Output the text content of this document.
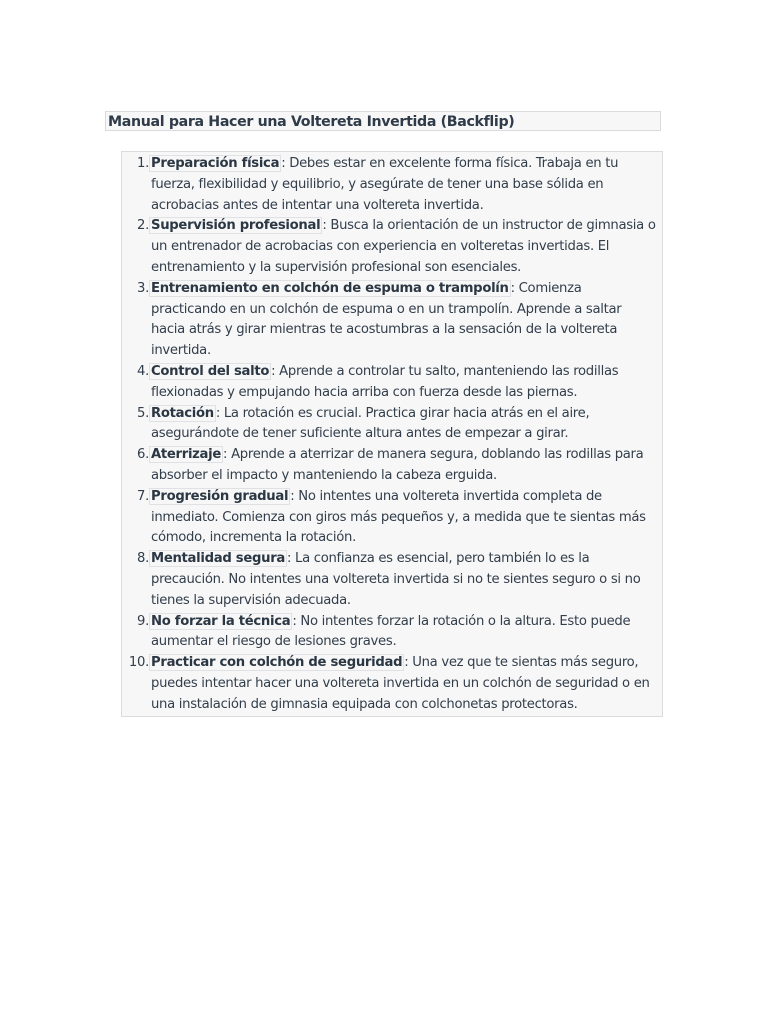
Manual para Hacer una Voltereta Invertida (Backflip)
1. Preparación física : Debes estar en excelente forma física. Trabaja en tu fuerza, flexibilidad y equilibrio, y asegúrate de tener una base sólida en acrobacias antes de intentar una voltereta invertida.
2. Supervisión profesional : Busca la orientación de un instructor de gimnasia o un entrenador de acrobacias con experiencia en volteretas invertidas. El entrenamiento y la supervisión profesional son esenciales.
3. Entrenamiento en colchón de espuma o trampolín : Comienza practicando en un colchón de espuma o en un trampolín. Aprende a saltar hacia atrás y girar mientras te acostumbras a la sensación de la voltereta invertida.
4. Control del salto : Aprende a controlar tu salto, manteniendo las rodillas flexionadas y empujando hacia arriba con fuerza desde las piernas.
5. Rotación : La rotación es crucial. Practica girar hacia atrás en el aire, asegurándote de tener suficiente altura antes de empezar a girar.
6. Aterrizaje : Aprende a aterrizar de manera segura, doblando las rodillas para absorber el impacto y manteniendo la cabeza erguida.
7. Progresión gradual : No intentes una voltereta invertida completa de inmediato. Comienza con giros más pequeños y, a medida que te sientas más cómodo, incrementa la rotación.
8. Mentalidad segura : La confianza es esencial, pero también lo es la precaución. No intentes una voltereta invertida si no te sientes seguro o si no tienes la supervisión adecuada.
9. No forzar la técnica : No intentes forzar la rotación o la altura. Esto puede aumentar el riesgo de lesiones graves.
10. Practicar con colchón de seguridad : Una vez que te sientas más seguro, puedes intentar hacer una voltereta invertida en un colchón de seguridad o en una instalación de gimnasia equipada con colchonetas protectoras.
